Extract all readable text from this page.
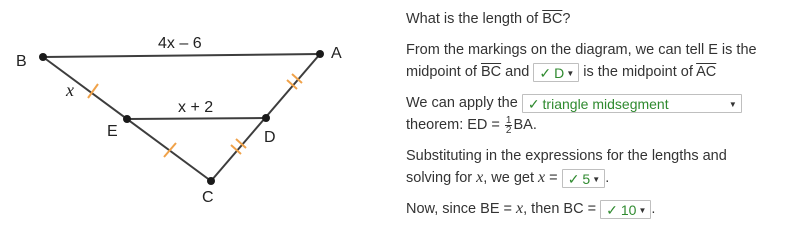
B	A
C
E	D
4x – 6
x + 2
x

What is the length of $\overline{BC}$?

From the markings on the diagram, we can tell E is the

midpoint of $\overline{BC}$ and ✓ D ▼ is the midpoint of $\overline{AC}$

We can apply the ✓ triangle midsegment	▼

theorem: ED = $\frac{1}{2}$ BA.

Substituting in the expressions for the lengths and

solving for x, we get x = ✓ 5 ▼ .

Now, since BE = x, then BC = ✓ 10 ▼ .
